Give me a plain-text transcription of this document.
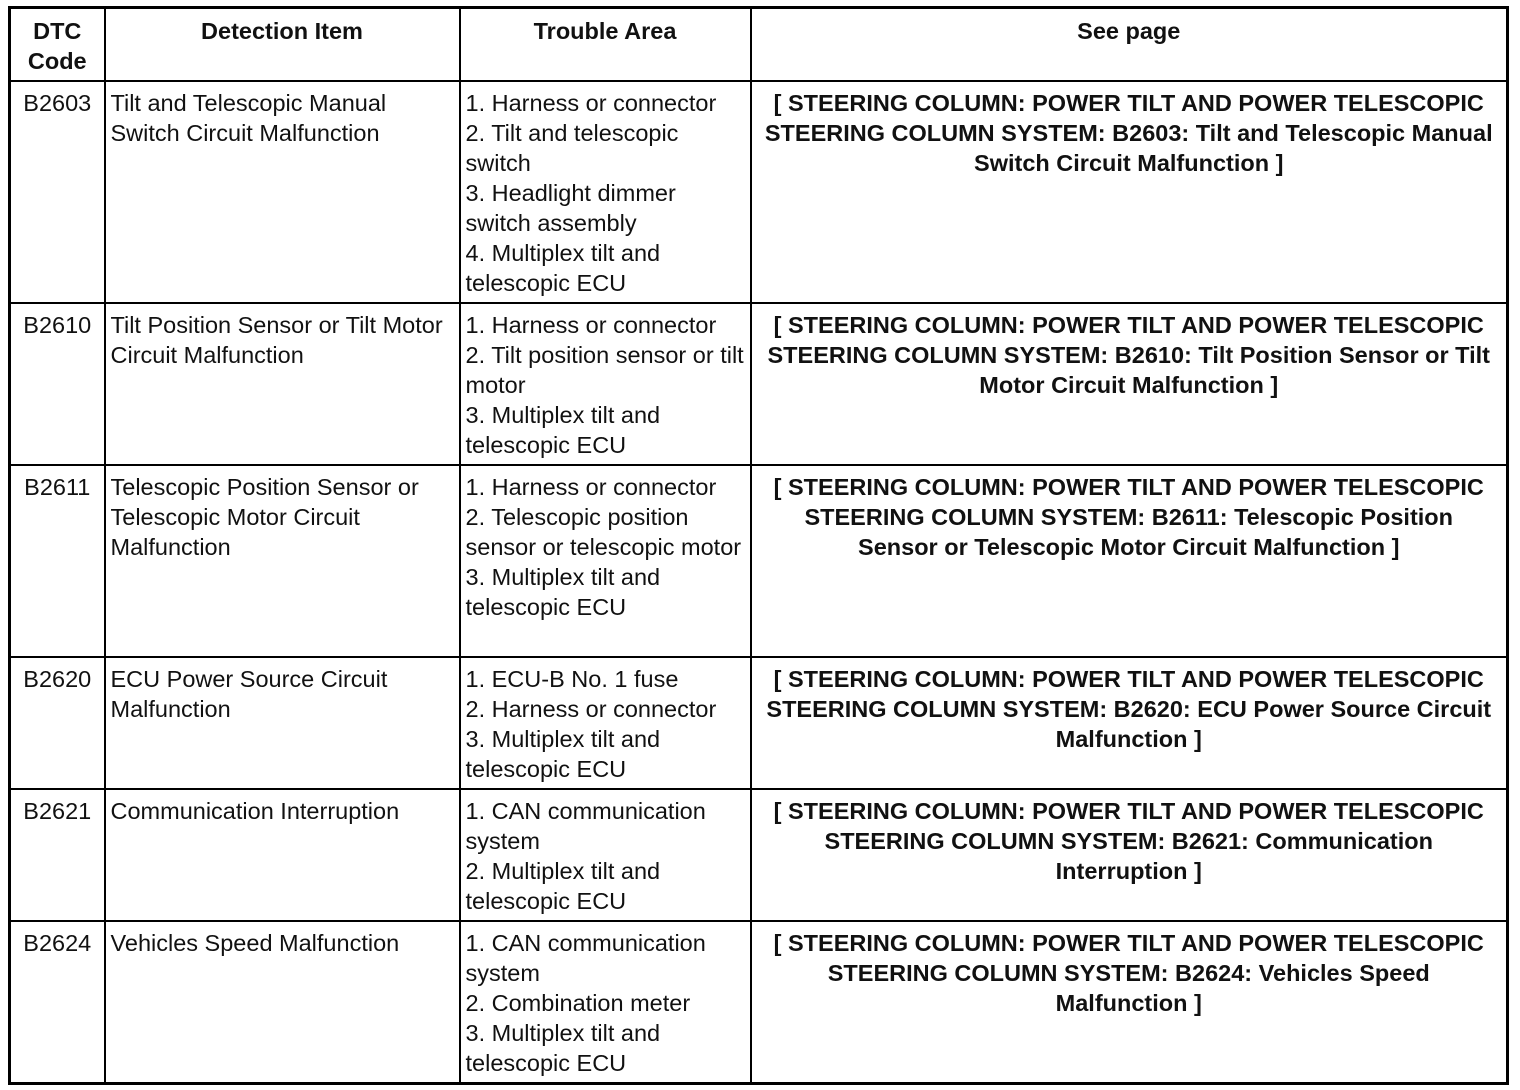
DTC
Code	Detection Item	Trouble Area	See page
B2603	Tilt and Telescopic Manual Switch Circuit Malfunction	1. Harness or connector
2. Tilt and telescopic switch
3. Headlight dimmer switch assembly
4. Multiplex tilt and telescopic ECU	[ STEERING COLUMN: POWER TILT AND POWER TELESCOPIC STEERING COLUMN SYSTEM: B2603: Tilt and Telescopic Manual Switch Circuit Malfunction ]
B2610	Tilt Position Sensor or Tilt Motor Circuit Malfunction	1. Harness or connector
2. Tilt position sensor or tilt motor
3. Multiplex tilt and telescopic ECU	[ STEERING COLUMN: POWER TILT AND POWER TELESCOPIC STEERING COLUMN SYSTEM: B2610: Tilt Position Sensor or Tilt Motor Circuit Malfunction ]
B2611	Telescopic Position Sensor or Telescopic Motor Circuit Malfunction	1. Harness or connector
2. Telescopic position sensor or telescopic motor
3. Multiplex tilt and telescopic ECU	[ STEERING COLUMN: POWER TILT AND POWER TELESCOPIC STEERING COLUMN SYSTEM: B2611: Telescopic Position Sensor or Telescopic Motor Circuit Malfunction ]
B2620	ECU Power Source Circuit Malfunction	1. ECU-B No. 1 fuse
2. Harness or connector
3. Multiplex tilt and telescopic ECU	[ STEERING COLUMN: POWER TILT AND POWER TELESCOPIC STEERING COLUMN SYSTEM: B2620: ECU Power Source Circuit Malfunction ]
B2621	Communication Interruption	1. CAN communication system
2. Multiplex tilt and telescopic ECU	[ STEERING COLUMN: POWER TILT AND POWER TELESCOPIC STEERING COLUMN SYSTEM: B2621: Communication Interruption ]
B2624	Vehicles Speed Malfunction	1. CAN communication system
2. Combination meter
3. Multiplex tilt and telescopic ECU	[ STEERING COLUMN: POWER TILT AND POWER TELESCOPIC STEERING COLUMN SYSTEM: B2624: Vehicles Speed Malfunction ]
